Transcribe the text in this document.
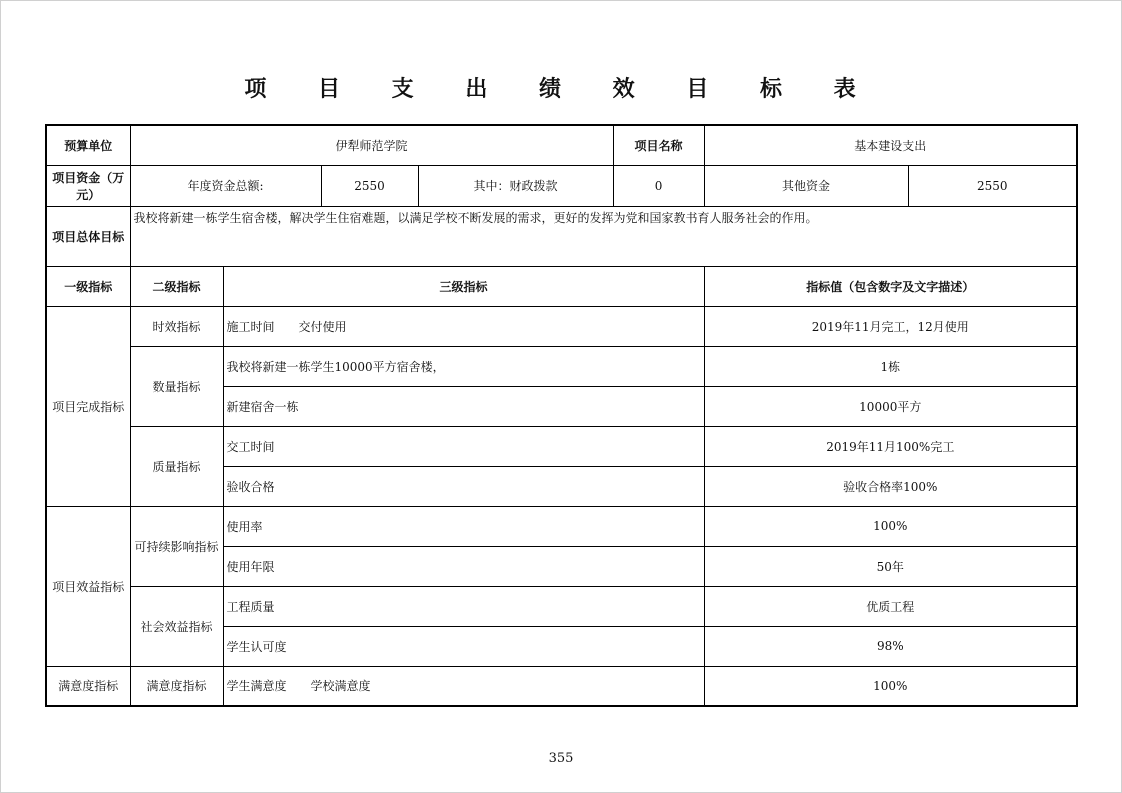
项 目 支 出 绩 效 目 标 表
预算单位	伊犁师范学院				项目名称	基本建设支出	
项目资金（万元）	年度资金总额:		2550	其中：财政拨款	0	其他资金	2550
项目总体目标	我校将新建一栋学生宿舍楼，解决学生住宿难题，以满足学校不断发展的需求，更好的发挥为党和国家教书育人服务社会的作用。						
一级指标	二级指标	三级指标				指标值（包含数字及文字描述）	
项目完成指标	时效指标	施工时间　　交付使用				2019年11月完工，12月使用	
	数量指标	我校将新建一栋学生10000平方宿舍楼，				1栋	
		新建宿舍一栋				10000平方	
	质量指标	交工时间				2019年11月100%完工	
		验收合格				验收合格率100%	
项目效益指标	可持续影响指标	使用率				100%	
		使用年限				50年	
	社会效益指标	工程质量				优质工程	
		学生认可度				98%	
满意度指标	满意度指标	学生满意度　　学校满意度				100%	
355
